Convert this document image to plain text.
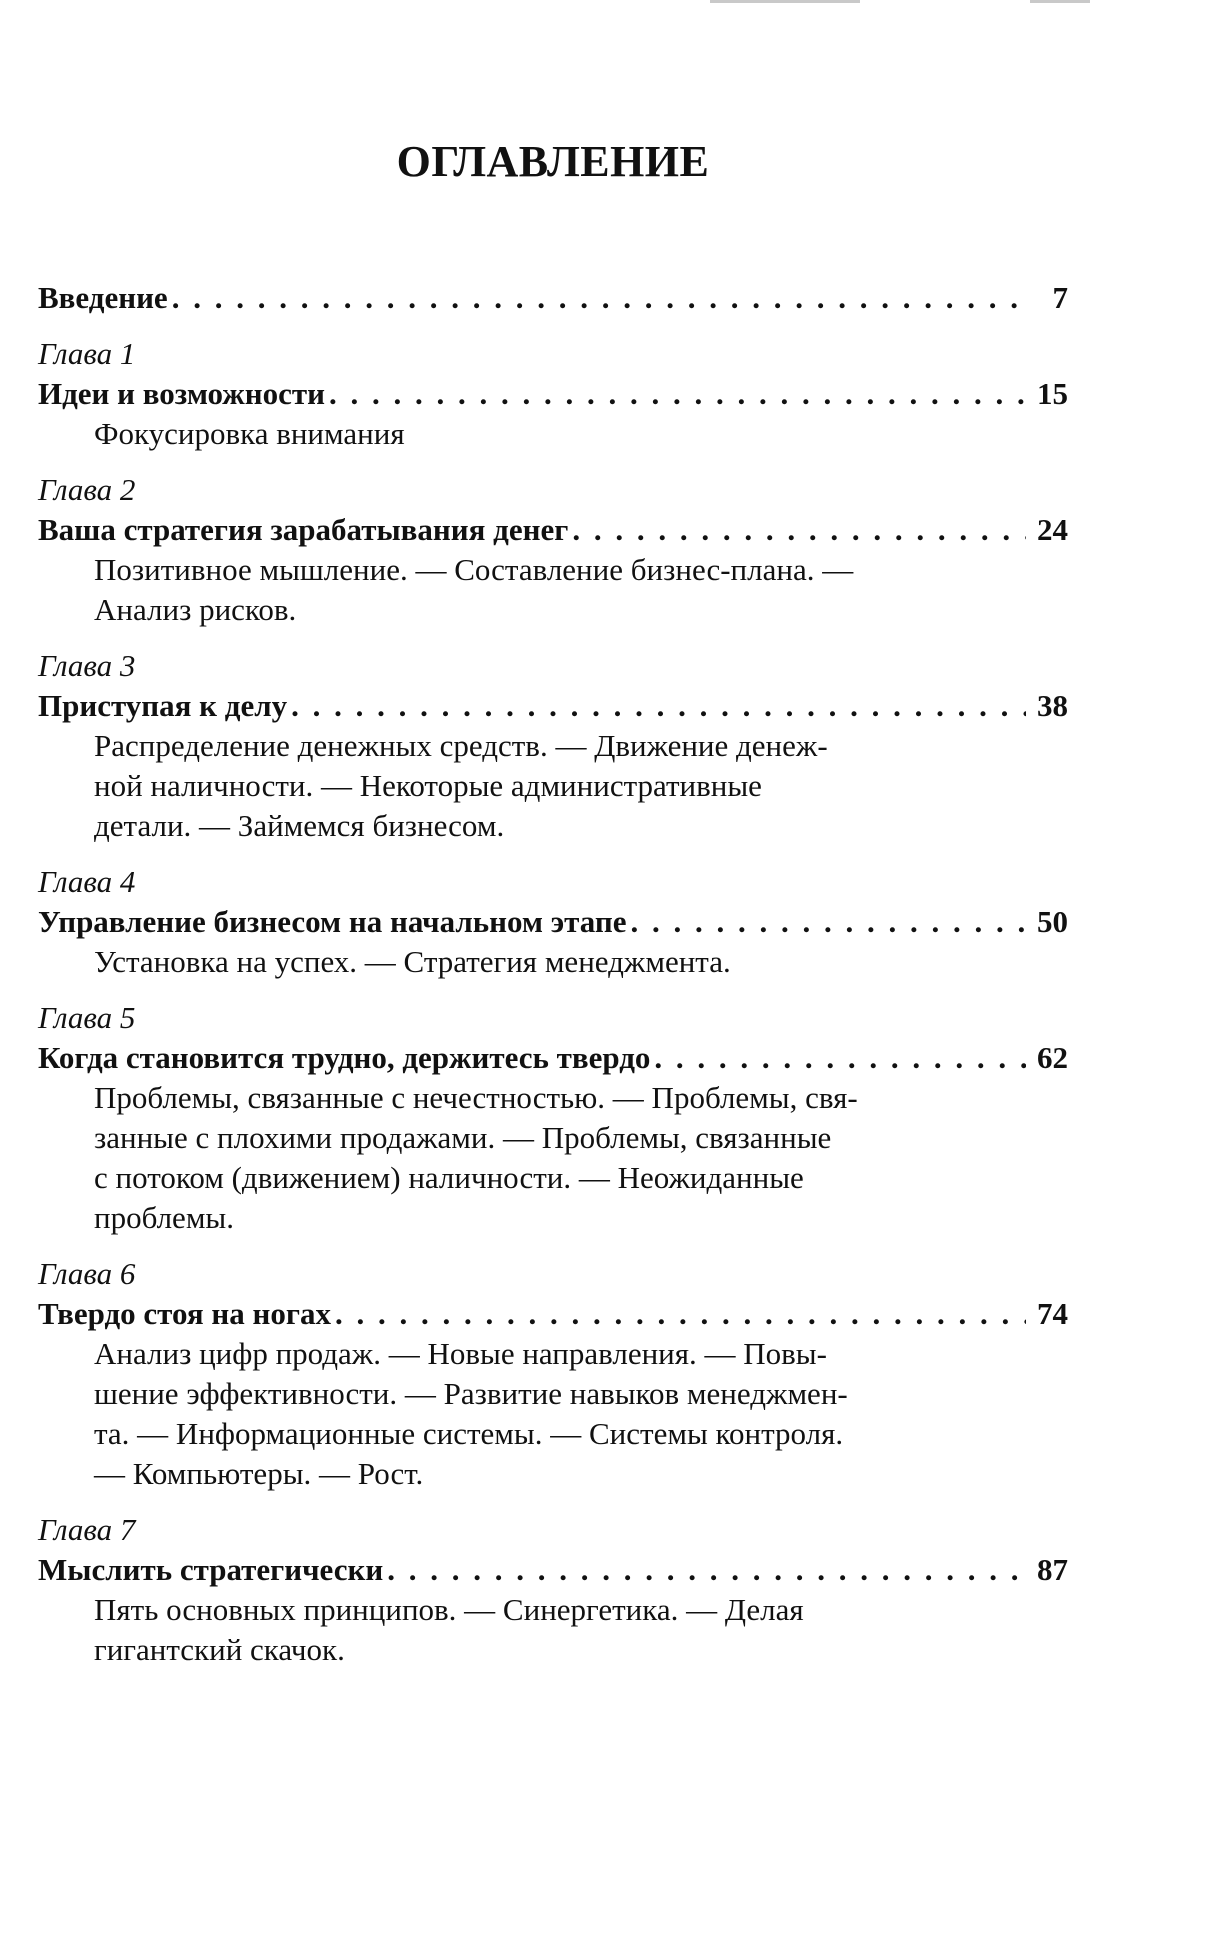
ОГЛАВЛЕНИЕ
Введение . . .	7
Глава 1
Идеи и возможности . . .	15
Фокусировка внимания
Глава 2
Ваша стратегия зарабатывания денег . . .	24
Позитивное мышление. — Составление бизнес-плана. —
Анализ рисков.
Глава 3
Приступая к делу . . .	38
Распределение денежных средств. — Движение денеж-
ной наличности. — Некоторые административные
детали. — Займемся бизнесом.
Глава 4
Управление бизнесом на начальном этапе . . .	50
Установка на успех. — Стратегия менеджмента.
Глава 5
Когда становится трудно, держитесь твердо . . .	62
Проблемы, связанные с нечестностью. — Проблемы, свя-
занные с плохими продажами. — Проблемы, связанные
с потоком (движением) наличности. — Неожиданные
проблемы.
Глава 6
Твердо стоя на ногах . . .	74
Анализ цифр продаж. — Новые направления. — Повы-
шение эффективности. — Развитие навыков менеджмен-
та. — Информационные системы. — Системы контроля.
— Компьютеры. — Рост.
Глава 7
Мыслить стратегически . . .	87
Пять основных принципов. — Синергетика. — Делая
гигантский скачок.
